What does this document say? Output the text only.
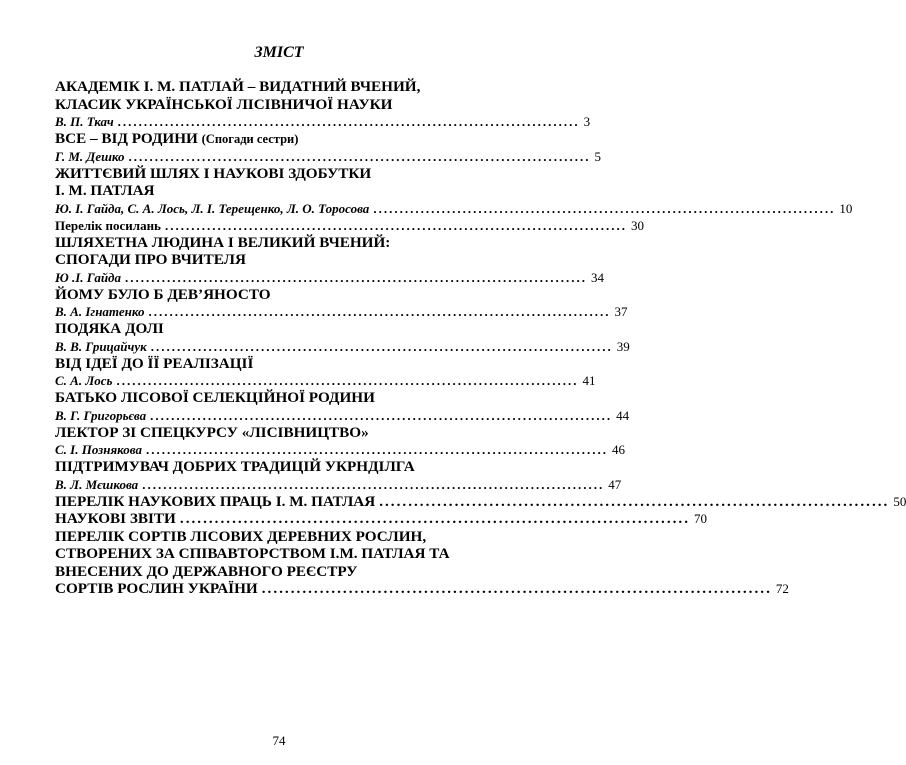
ЗМІСТ
АКАДЕМІК І. М. ПАТЛАЙ – ВИДАТНИЙ ВЧЕНИЙ,
КЛАСИК УКРАЇНСЬКОЇ ЛІСІВНИЧОЇ НАУКИ
В. П. Ткач ........................................................................................ 3
ВСЕ – ВІД РОДИНИ (Спогади сестри)
Г. М. Дешко ........................................................................................ 5
ЖИТТЄВИЙ ШЛЯХ І НАУКОВІ ЗДОБУТКИ
І. М. ПАТЛАЯ
Ю. І. Гайда, С. А. Лось, Л. І. Терещенко, Л. О. Торосова ........................................................................................ 10
Перелік посилань ........................................................................................ 30
ШЛЯХЕТНА ЛЮДИНА І ВЕЛИКИЙ ВЧЕНИЙ:
СПОГАДИ ПРО ВЧИТЕЛЯ
Ю .І. Гайда ........................................................................................ 34
ЙОМУ БУЛО Б ДЕВ’ЯНОСТО
В. А. Ігнатенко ........................................................................................ 37
ПОДЯКА ДОЛІ
В. В. Грицайчук ........................................................................................ 39
ВІД ІДЕЇ ДО ЇЇ РЕАЛІЗАЦІЇ
С. А. Лось ........................................................................................ 41
БАТЬКО ЛІСОВОЇ СЕЛЕКЦІЙНОЇ РОДИНИ
В. Г. Григорьєва ........................................................................................ 44
ЛЕКТОР ЗІ СПЕЦКУРСУ «ЛІСІВНИЦТВО»
С. І. Познякова ........................................................................................ 46
ПІДТРИМУВАЧ ДОБРИХ ТРАДИЦІЙ УКРНДІЛГА
В. Л. Мєшкова ........................................................................................ 47
ПЕРЕЛІК НАУКОВИХ ПРАЦЬ І. М. ПАТЛАЯ ........................................................................................ 50
НАУКОВІ ЗВІТИ ........................................................................................ 70
ПЕРЕЛІК СОРТІВ ЛІСОВИХ ДЕРЕВНИХ РОСЛИН,
СТВОРЕНИХ ЗА СПІВАВТОРСТВОМ І.М. ПАТЛАЯ ТА
ВНЕСЕНИХ ДО ДЕРЖАВНОГО РЕЄСТРУ
СОРТІВ РОСЛИН УКРАЇНИ ........................................................................................ 72
74
